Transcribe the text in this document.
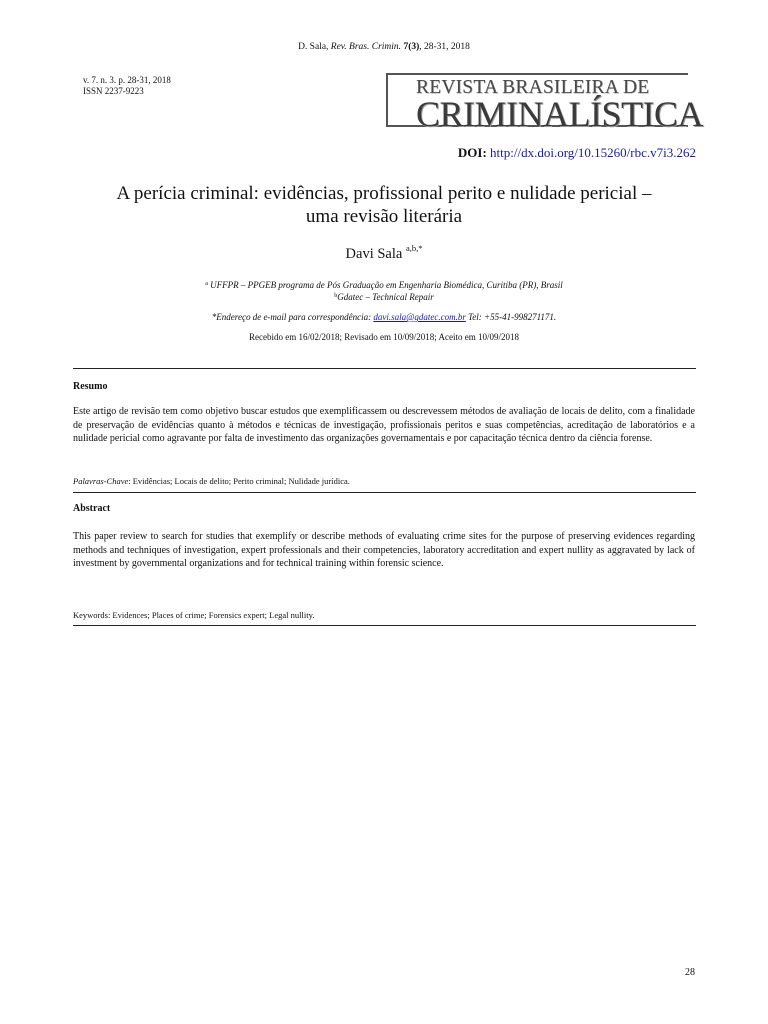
D. Sala, Rev. Bras. Crimin. 7(3), 28-31, 2018
v. 7. n. 3. p. 28-31, 2018
ISSN 2237-9223	REVISTA BRASILEIRA DE
CRIMINALÍSTICA
DOI: http://dx.doi.org/10.15260/rbc.v7i3.262
A perícia criminal: evidências, profissional perito e nulidade pericial –
uma revisão literária
Davi Sala $^{a,b,*}$
$^a$ UFFPR – PPGEB programa de Pós Graduação em Engenharia Biomédica, Curitiba (PR), Brasil
$^b$Gdatec – Technical Repair
*Endereço de e-mail para correspondência: davi.sala@gdatec.com.br Tel: +55-41-998271171.
Recebido em 16/02/2018; Revisado em 10/09/2018; Aceito em 10/09/2018
Resumo
Este artigo de revisão tem como objetivo buscar estudos que exemplificassem ou descrevessem métodos de avaliação de locais de delito, com a finalidade de preservação de evidências quanto à métodos e técnicas de investigação, profissionais peritos e suas competências, acreditação de laboratórios e a nulidade pericial como agravante por falta de investimento das organizações governamentais e por capacitação técnica dentro da ciência forense.
Palavras-Chave: Evidências; Locais de delito; Perito criminal; Nulidade jurídica.
Abstract
This paper review to search for studies that exemplify or describe methods of evaluating crime sites for the purpose of preserving evidences regarding methods and techniques of investigation, expert professionals and their competencies, laboratory accreditation and expert nullity as aggravated by lack of investment by governmental organizations and for technical training within forensic science.
Keywords: Evidences; Places of crime; Forensics expert; Legal nullity.
28
